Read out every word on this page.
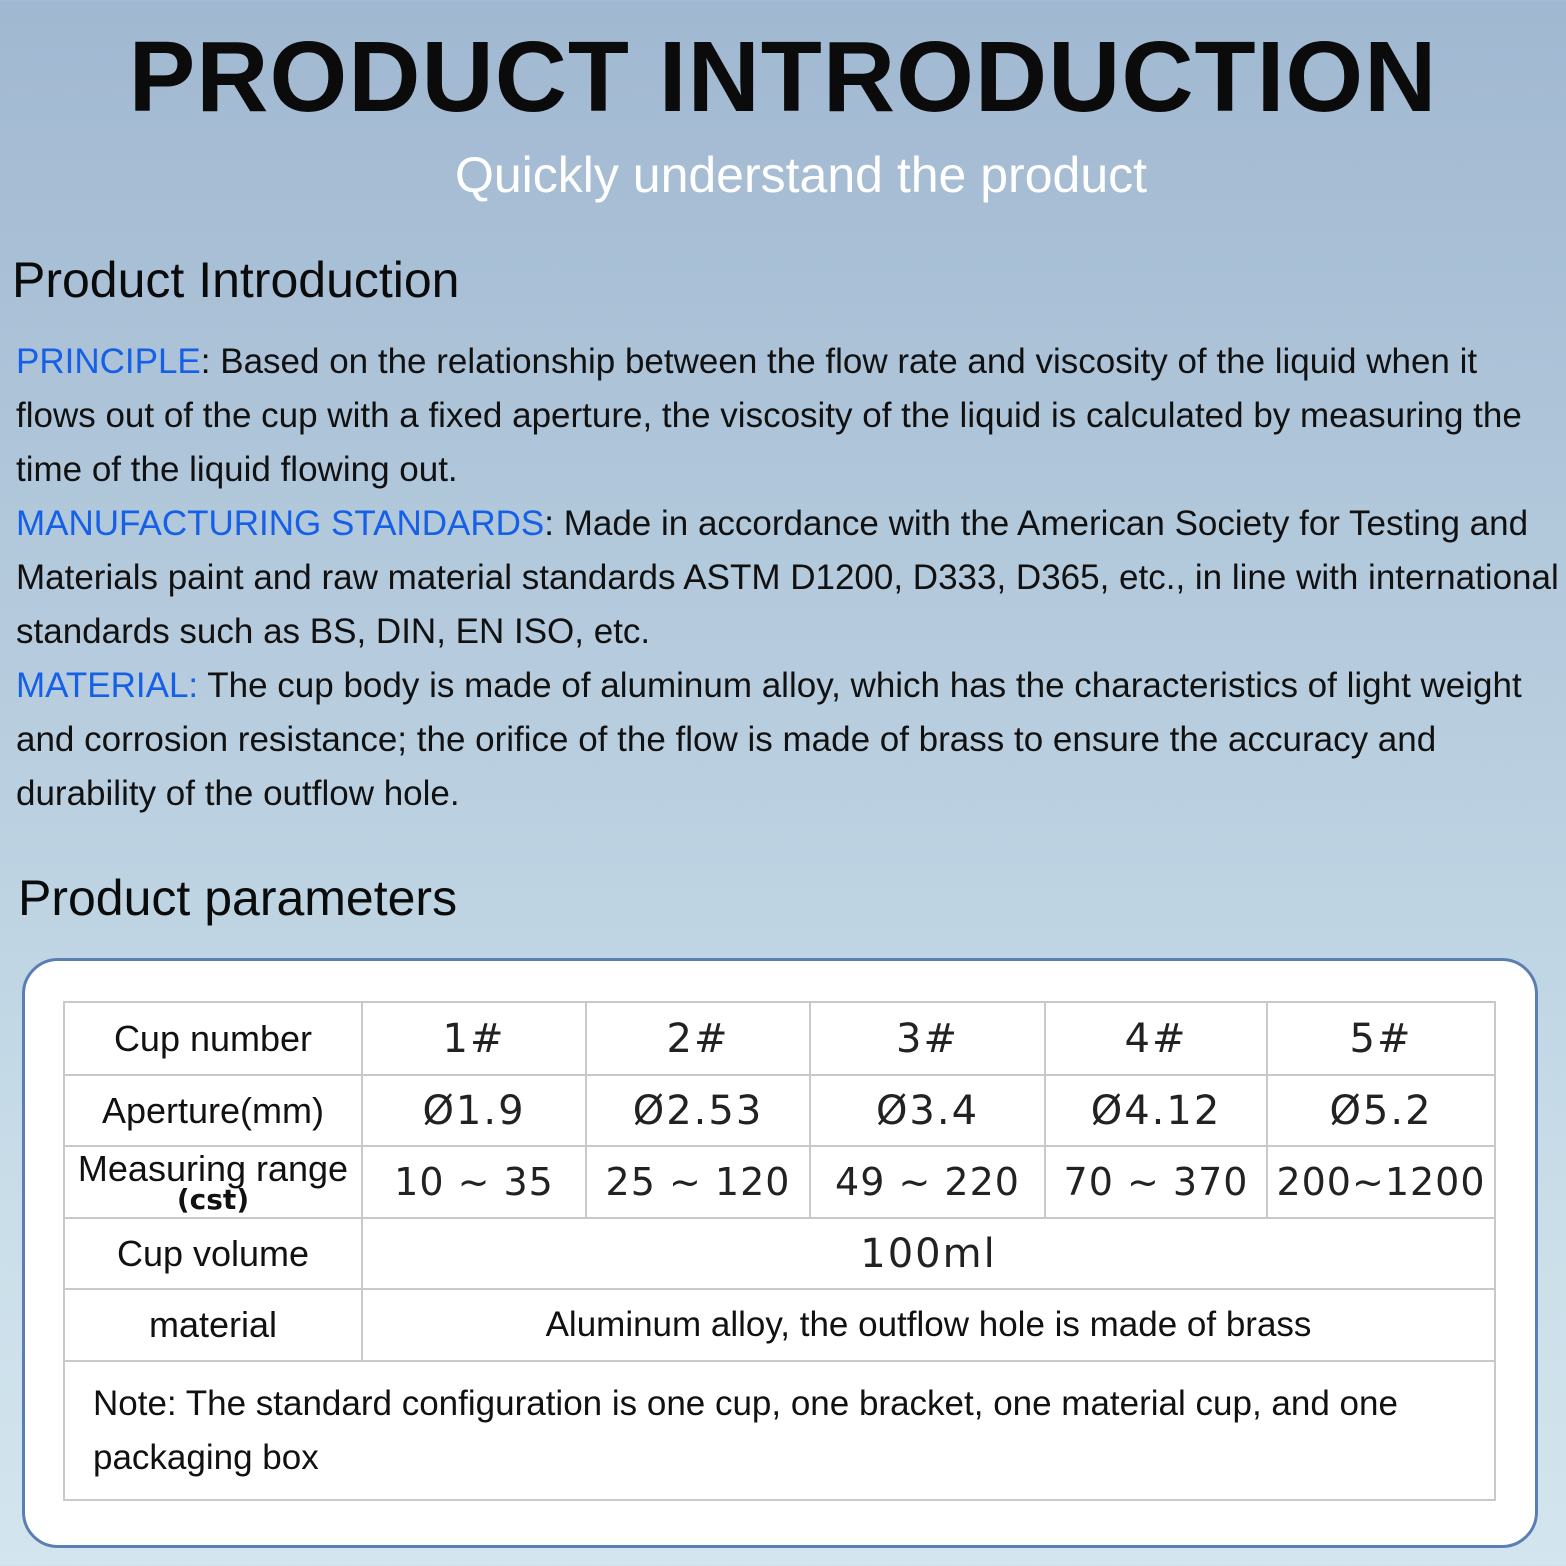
PRODUCT INTRODUCTION
Quickly understand the product
Product Introduction

PRINCIPLE: Based on the relationship between the flow rate and viscosity of the liquid when it flows out of the cup with a fixed aperture, the viscosity of the liquid is calculated by measuring the time of the liquid flowing out.

MANUFACTURING STANDARDS: Made in accordance with the American Society for Testing and Materials paint and raw material standards ASTM D1200, D333, D365, etc., in line with international standards such as BS, DIN, EN ISO, etc.

MATERIAL: The cup body is made of aluminum alloy, which has the characteristics of light weight and corrosion resistance; the orifice of the flow is made of brass to ensure the accuracy and durability of the outflow hole.

Product parameters
Cup number	1#	2#	3#	4#	5#
Aperture(mm)	Ø1.9	Ø2.53	Ø3.4	Ø4.12	Ø5.2

Measuring range
(cst)	10 ~ 35	25 ~ 120	49 ~ 220	70 ~ 370	200~1200
Cup volume	100ml				
material	Aluminum alloy, the outflow hole is made of brass				
Note: The standard configuration is one cup, one bracket, one material cup, and one packaging box					
